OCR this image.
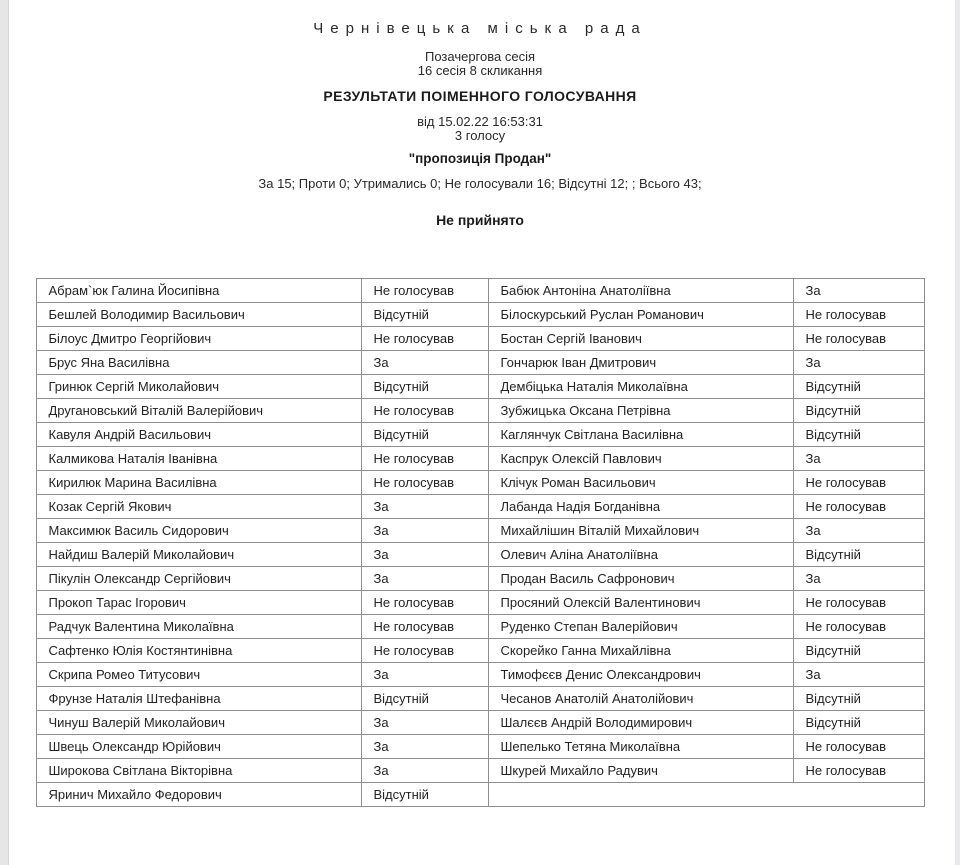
Чернівецька міська рада
Позачергова сесія
16 сесія 8 скликання
РЕЗУЛЬТАТИ ПОІМЕННОГО ГОЛОСУВАННЯ
від 15.02.22 16:53:31
3 голосу
"пропозиція Продан"
За 15; Проти 0; Утримались 0; Не голосували 16; Відсутні 12; ; Всього 43;
Не прийнято
Абрам`юк Галина Йосипівна	Не голосував	Бабюк Антоніна Анатоліївна	За
Бешлей Володимир Васильович	Відсутній	Білоскурський Руслан Романович	Не голосував
Білоус Дмитро Георгійович	Не голосував	Бостан Сергій Іванович	Не голосував
Брус Яна Василівна	За	Гончарюк Іван Дмитрович	За
Гринюк Сергій Миколайович	Відсутній	Дембіцька Наталія Миколаївна	Відсутній
Другановський Віталій Валерійович	Не голосував	Зубжицька Оксана Петрівна	Відсутній
Кавуля Андрій Васильович	Відсутній	Каглянчук Світлана Василівна	Відсутній
Калмикова Наталія Іванівна	Не голосував	Каспрук Олексій Павлович	За
Кирилюк Марина Василівна	Не голосував	Клічук Роман Васильович	Не голосував
Козак Сергій Якович	За	Лабанда Надія Богданівна	Не голосував
Максимюк Василь Сидорович	За	Михайлішин Віталій Михайлович	За
Найдиш Валерій Миколайович	За	Олевич Аліна Анатоліївна	Відсутній
Пікулін Олександр Сергійович	За	Продан Василь Сафронович	За
Прокоп Тарас Ігорович	Не голосував	Просяний Олексій Валентинович	Не голосував
Радчук Валентина Миколаївна	Не голосував	Руденко Степан Валерійович	Не голосував
Сафтенко Юлія Костянтинівна	Не голосував	Скорейко Ганна Михайлівна	Відсутній
Скрипа Ромео Титусович	За	Тимофєєв Денис Олександрович	За
Фрунзе Наталія Штефанівна	Відсутній	Чесанов Анатолій Анатолійович	Відсутній
Чинуш Валерій Миколайович	За	Шалєєв Андрій Володимирович	Відсутній
Швець Олександр Юрійович	За	Шепелько Тетяна Миколаївна	Не голосував
Широкова Світлана Вікторівна	За	Шкурей Михайло Радувич	Не голосував
Яринич Михайло Федорович	Відсутній		
